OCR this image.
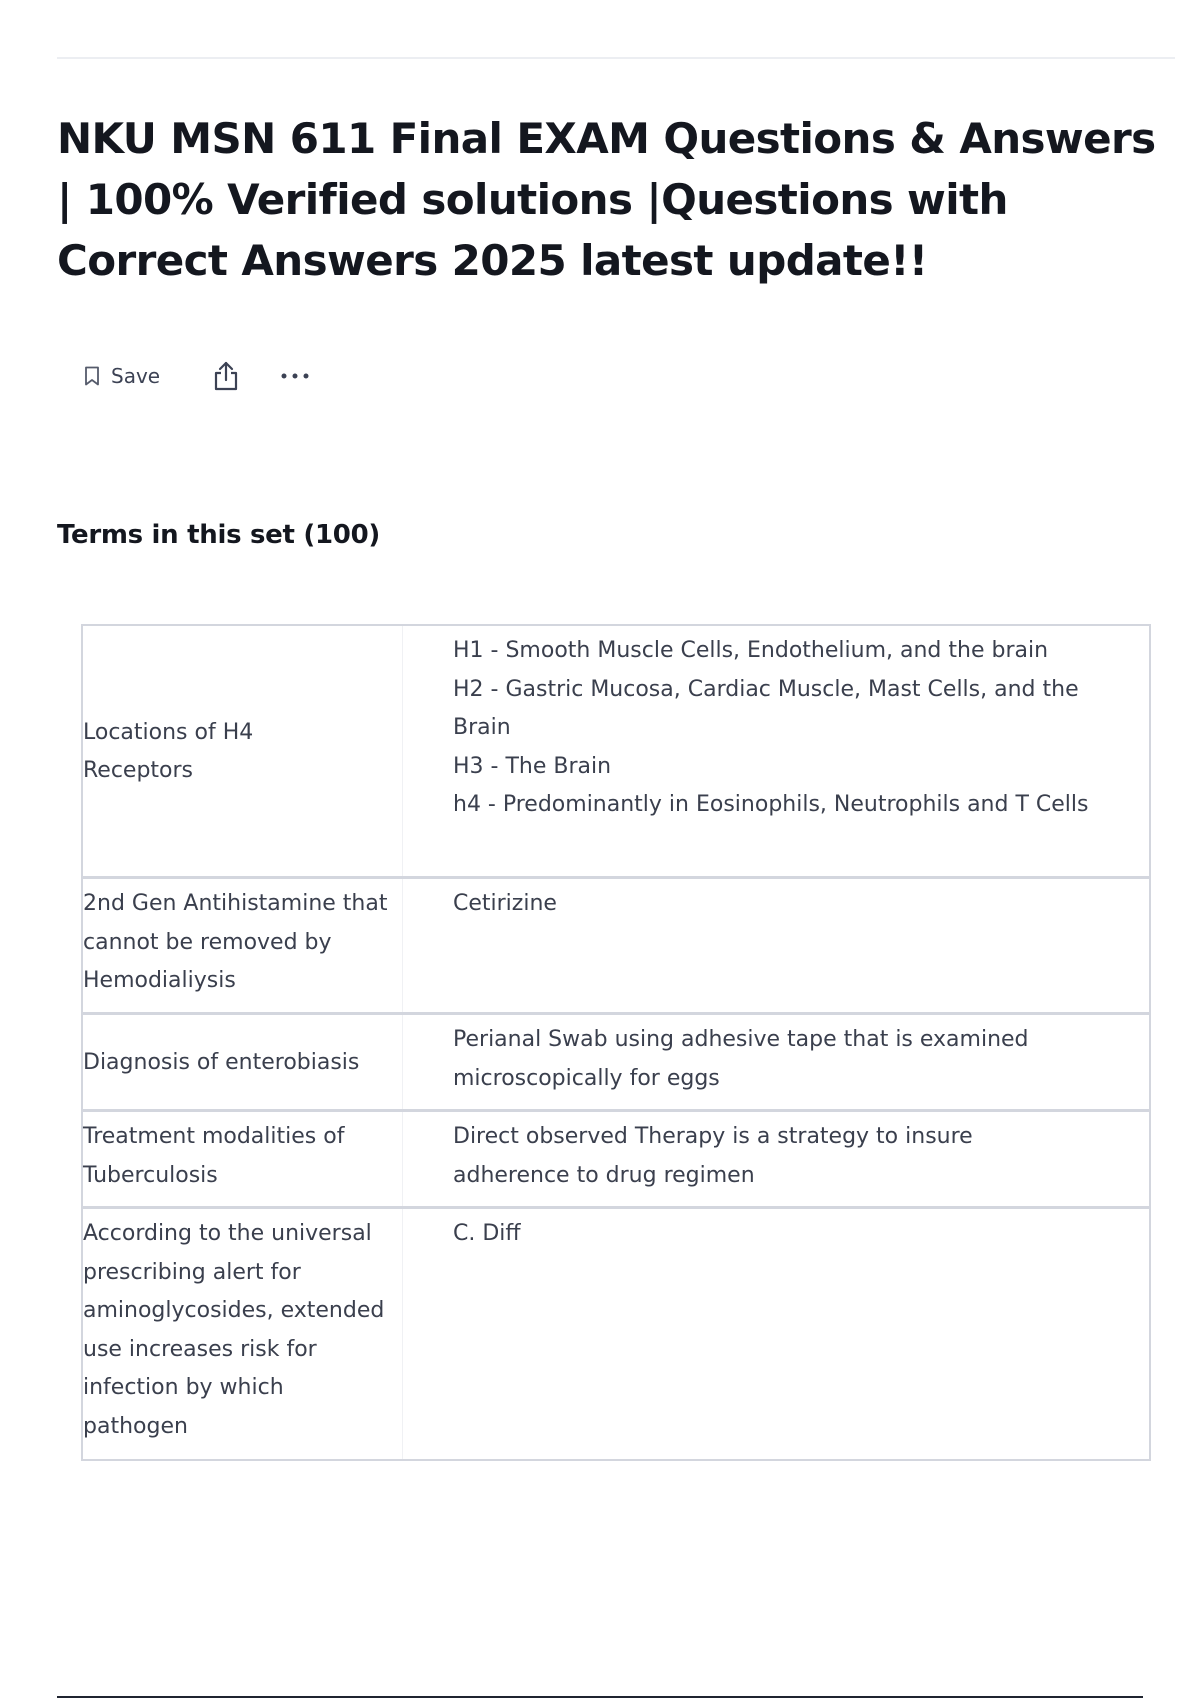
NKU MSN 611 Final EXAM Questions & Answers | 100% Verified solutions |Questions with Correct Answers 2025 latest update!!
Save
Terms in this set (100)
Locations of H4
Receptors
H1 - Smooth Muscle Cells, Endothelium, and the brain
H2 - Gastric Mucosa, Cardiac Muscle, Mast Cells, and the Brain
H3 - The Brain
h4 - Predominantly in Eosinophils, Neutrophils and T Cells
2nd Gen Antihistamine that cannot be removed by Hemodialiysis
Cetirizine
Diagnosis of enterobiasis
Perianal Swab using adhesive tape that is examined microscopically for eggs
Treatment modalities of Tuberculosis
Direct observed Therapy is a strategy to insure adherence to drug regimen
According to the universal prescribing alert for aminoglycosides, extended use increases risk for infection by which pathogen
C. Diff
